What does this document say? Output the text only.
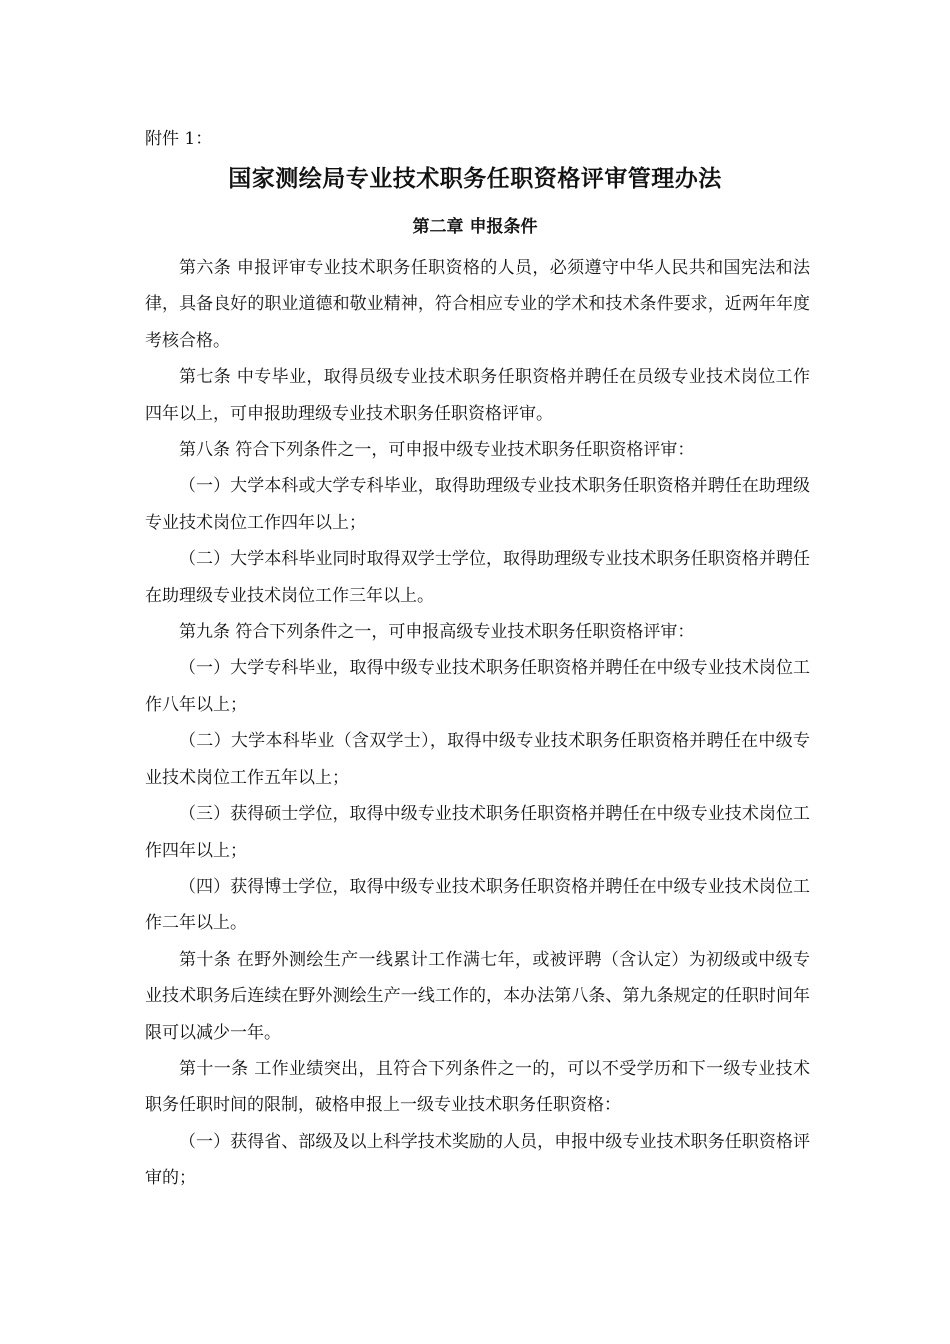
附件 1：
国家测绘局专业技术职务任职资格评审管理办法
第二章 申报条件

第六条 申报评审专业技术职务任职资格的人员，必须遵守中华人民共和国宪法和法律，具备良好的职业道德和敬业精神，符合相应专业的学术和技术条件要求，近两年年度考核合格。

第七条 中专毕业，取得员级专业技术职务任职资格并聘任在员级专业技术岗位工作四年以上，可申报助理级专业技术职务任职资格评审。

第八条 符合下列条件之一，可申报中级专业技术职务任职资格评审：

（一）大学本科或大学专科毕业，取得助理级专业技术职务任职资格并聘任在助理级专业技术岗位工作四年以上；

（二）大学本科毕业同时取得双学士学位，取得助理级专业技术职务任职资格并聘任在助理级专业技术岗位工作三年以上。

第九条 符合下列条件之一，可申报高级专业技术职务任职资格评审：

（一）大学专科毕业，取得中级专业技术职务任职资格并聘任在中级专业技术岗位工作八年以上；

（二）大学本科毕业（含双学士），取得中级专业技术职务任职资格并聘任在中级专业技术岗位工作五年以上；

（三）获得硕士学位，取得中级专业技术职务任职资格并聘任在中级专业技术岗位工作四年以上；

（四）获得博士学位，取得中级专业技术职务任职资格并聘任在中级专业技术岗位工作二年以上。

第十条 在野外测绘生产一线累计工作满七年，或被评聘（含认定）为初级或中级专业技术职务后连续在野外测绘生产一线工作的，本办法第八条、第九条规定的任职时间年限可以减少一年。

第十一条 工作业绩突出，且符合下列条件之一的，可以不受学历和下一级专业技术职务任职时间的限制，破格申报上一级专业技术职务任职资格：

（一）获得省、部级及以上科学技术奖励的人员，申报中级专业技术职务任职资格评审的；
